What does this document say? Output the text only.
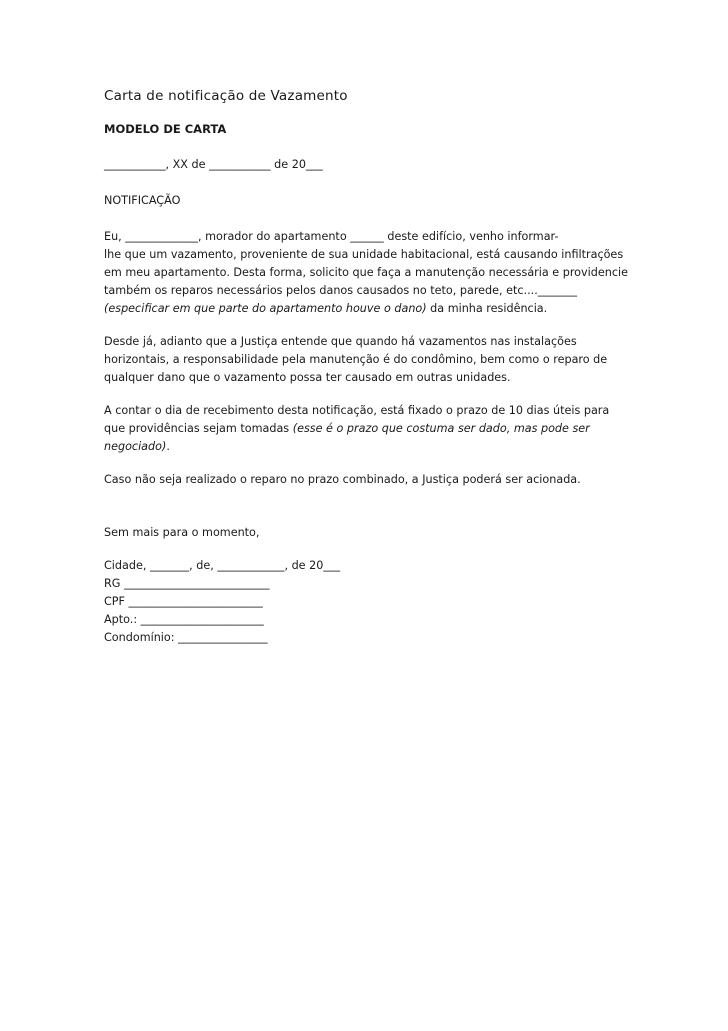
Carta de notificação de Vazamento
MODELO DE CARTA
___________, XX de ___________ de 20___
NOTIFICAÇÃO
Eu, _____________, morador do apartamento ______ deste edifício, venho informar-
lhe que um vazamento, proveniente de sua unidade habitacional, está causando infiltrações
em meu apartamento. Desta forma, solicito que faça a manutenção necessária e providencie
também os reparos necessários pelos danos causados no teto, parede, etc...._______
(especificar em que parte do apartamento houve o dano) da minha residência.
Desde já, adianto que a Justiça entende que quando há vazamentos nas instalações
horizontais, a responsabilidade pela manutenção é do condômino, bem como o reparo de
qualquer dano que o vazamento possa ter causado em outras unidades.
A contar o dia de recebimento desta notificação, está fixado o prazo de 10 dias úteis para
que providências sejam tomadas (esse é o prazo que costuma ser dado, mas pode ser
negociado).
Caso não seja realizado o reparo no prazo combinado, a Justiça poderá ser acionada.
Sem mais para o momento,
Cidade, _______, de, ____________, de 20___
RG __________________________
CPF ________________________
Apto.: ______________________
Condomínio: ________________
